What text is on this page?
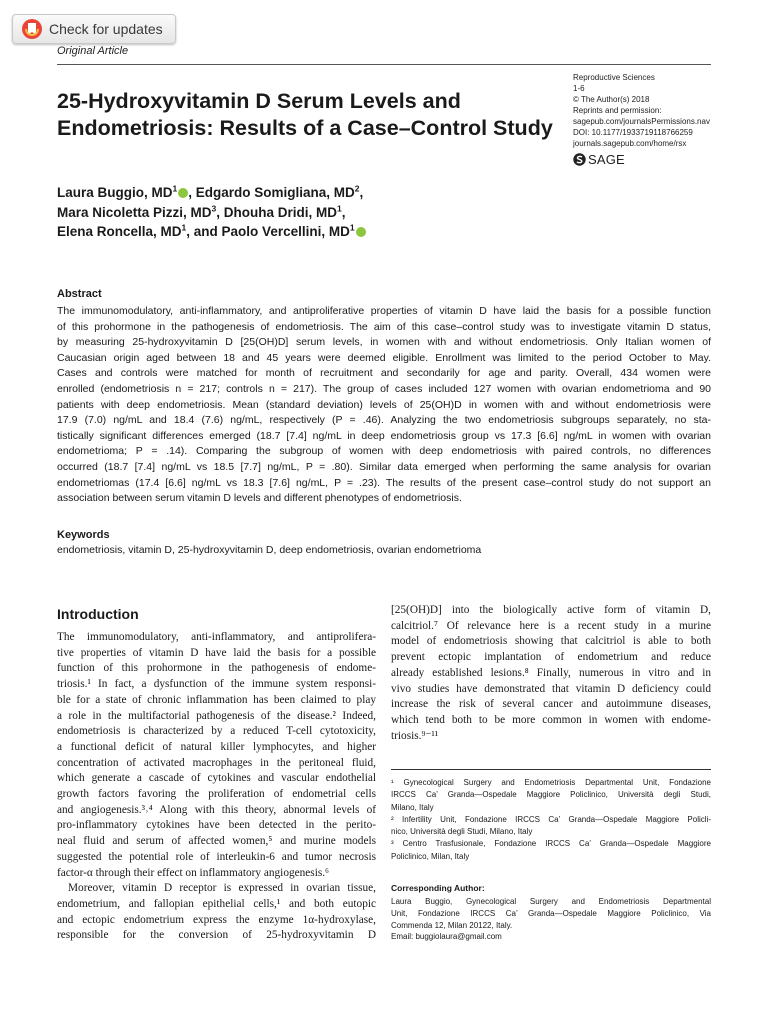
Check for updates
Original Article
Reproductive Sciences
1-6
© The Author(s) 2018
Reprints and permission:
sagepub.com/journalsPermissions.nav
DOI: 10.1177/1933719118766259
journals.sagepub.com/home/rsx
SAGE
25-Hydroxyvitamin D Serum Levels and
Endometriosis: Results of a Case–Control Study
Laura Buggio, $MD^1$ , Edgardo Somigliana, $MD^2$,
Mara Nicoletta Pizzi, $MD^3$, Dhouha Dridi, $MD^1$,
Elena Roncella, $MD^1$, and Paolo Vercellini, $MD^1$
Abstract
The immunomodulatory, anti-inflammatory, and antiproliferative properties of vitamin D have laid the basis for a possible function
of this prohormone in the pathogenesis of endometriosis. The aim of this case–control study was to investigate vitamin D status,
by measuring 25-hydroxyvitamin D [25(OH)D] serum levels, in women with and without endometriosis. Only Italian women of
Caucasian origin aged between 18 and 45 years were deemed eligible. Enrollment was limited to the period October to May.
Cases and controls were matched for month of recruitment and secondarily for age and parity. Overall, 434 women were
enrolled (endometriosis n = 217; controls n = 217). The group of cases included 127 women with ovarian endometrioma and 90
patients with deep endometriosis. Mean (standard deviation) levels of 25(OH)D in women with and without endometriosis were
17.9 (7.0) ng/mL and 18.4 (7.6) ng/mL, respectively (P = .46). Analyzing the two endometriosis subgroups separately, no sta-
tistically significant differences emerged (18.7 [7.4] ng/mL in deep endometriosis group vs 17.3 [6.6] ng/mL in women with ovarian
endometrioma; P = .14). Comparing the subgroup of women with deep endometriosis with paired controls, no differences
occurred (18.7 [7.4] ng/mL vs 18.5 [7.7] ng/mL, P = .80). Similar data emerged when performing the same analysis for ovarian
endometriomas (17.4 [6.6] ng/mL vs 18.3 [7.6] ng/mL, P = .23). The results of the present case–control study do not support an
association between serum vitamin D levels and different phenotypes of endometriosis.
Keywords
endometriosis, vitamin D, 25-hydroxyvitamin D, deep endometriosis, ovarian endometrioma
Introduction
The immunomodulatory, anti-inflammatory, and antiprolifera-
tive properties of vitamin D have laid the basis for a possible
function of this prohormone in the pathogenesis of endome-
triosis.¹ In fact, a dysfunction of the immune system responsi-
ble for a state of chronic inflammation has been claimed to play
a role in the multifactorial pathogenesis of the disease.² Indeed,
endometriosis is characterized by a reduced T-cell cytotoxicity,
a functional deficit of natural killer lymphocytes, and higher
concentration of activated macrophages in the peritoneal fluid,
which generate a cascade of cytokines and vascular endothelial
growth factors favoring the proliferation of endometrial cells
and angiogenesis.³˒⁴ Along with this theory, abnormal levels of
pro-inflammatory cytokines have been detected in the perito-
neal fluid and serum of affected women,⁵ and murine models
suggested the potential role of interleukin-6 and tumor necrosis
factor-α through their effect on inflammatory angiogenesis.⁶
Moreover, vitamin D receptor is expressed in ovarian tissue,
endometrium, and fallopian epithelial cells,¹ and both eutopic
and ectopic endometrium express the enzyme 1α-hydroxylase,
responsible for the conversion of 25-hydroxyvitamin D
[25(OH)D] into the biologically active form of vitamin D,
calcitriol.⁷ Of relevance here is a recent study in a murine
model of endometriosis showing that calcitriol is able to both
prevent ectopic implantation of endometrium and reduce
already established lesions.⁸ Finally, numerous in vitro and in
vivo studies have demonstrated that vitamin D deficiency could
increase the risk of several cancer and autoimmune diseases,
which tend both to be more common in women with endome-
triosis.⁹⁻¹¹
¹ Gynecological Surgery and Endometriosis Departmental Unit, Fondazione
IRCCS Ca’ Granda—Ospedale Maggiore Policlinico, Università degli Studi,
Milano, Italy
² Infertility Unit, Fondazione IRCCS Ca’ Granda—Ospedale Maggiore Policli-
nico, Università degli Studi, Milano, Italy
³ Centro Trasfusionale, Fondazione IRCCS Ca’ Granda—Ospedale Maggiore
Policlinico, Milan, Italy
Corresponding Author:
Laura Buggio, Gynecological Surgery and Endometriosis Departmental
Unit, Fondazione IRCCS Ca’ Granda—Ospedale Maggiore Policlinico, Via
Commenda 12, Milan 20122, Italy.
Email: buggiolaura@gmail.com
